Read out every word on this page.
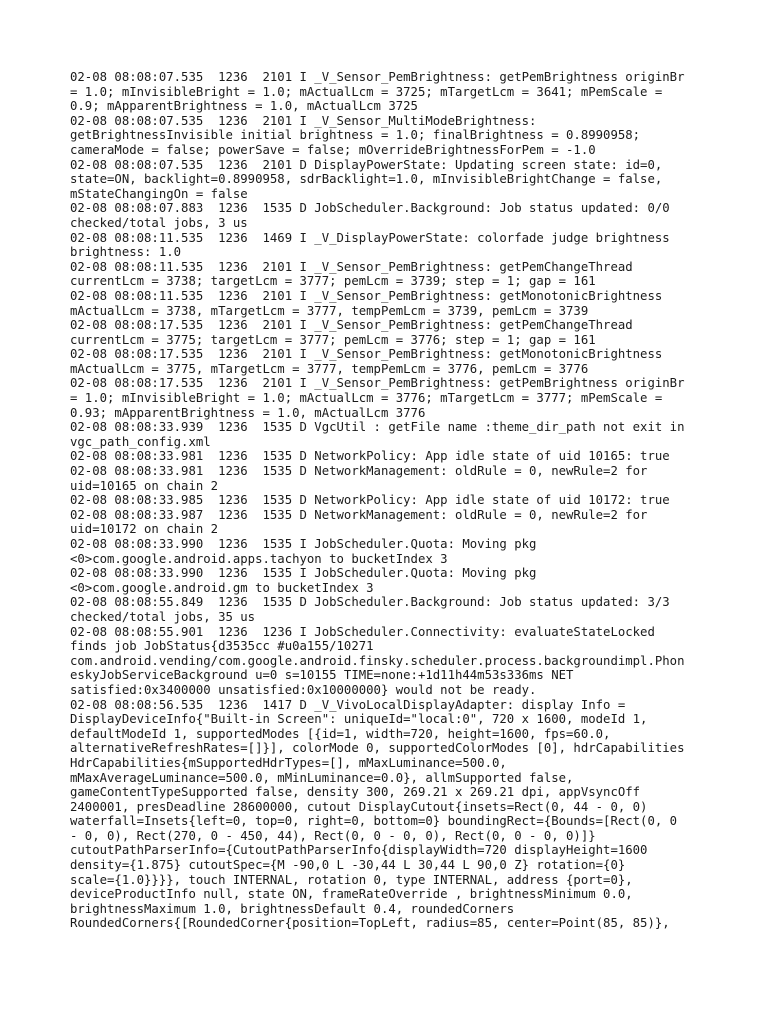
02-08 08:08:07.535  1236  2101 I _V_Sensor_PemBrightness: getPemBrightness originBr
= 1.0; mInvisibleBright = 1.0; mActualLcm = 3725; mTargetLcm = 3641; mPemScale =
0.9; mApparentBrightness = 1.0, mActualLcm 3725
02-08 08:08:07.535  1236  2101 I _V_Sensor_MultiModeBrightness:
getBrightnessInvisible initial brightness = 1.0; finalBrightness = 0.8990958;
cameraMode = false; powerSave = false; mOverrideBrightnessForPem = -1.0
02-08 08:08:07.535  1236  2101 D DisplayPowerState: Updating screen state: id=0,
state=ON, backlight=0.8990958, sdrBacklight=1.0, mInvisibleBrightChange = false,
mStateChangingOn = false
02-08 08:08:07.883  1236  1535 D JobScheduler.Background: Job status updated: 0/0
checked/total jobs, 3 us
02-08 08:08:11.535  1236  1469 I _V_DisplayPowerState: colorfade judge brightness
brightness: 1.0
02-08 08:08:11.535  1236  2101 I _V_Sensor_PemBrightness: getPemChangeThread
currentLcm = 3738; targetLcm = 3777; pemLcm = 3739; step = 1; gap = 161
02-08 08:08:11.535  1236  2101 I _V_Sensor_PemBrightness: getMonotonicBrightness
mActualLcm = 3738, mTargetLcm = 3777, tempPemLcm = 3739, pemLcm = 3739
02-08 08:08:17.535  1236  2101 I _V_Sensor_PemBrightness: getPemChangeThread
currentLcm = 3775; targetLcm = 3777; pemLcm = 3776; step = 1; gap = 161
02-08 08:08:17.535  1236  2101 I _V_Sensor_PemBrightness: getMonotonicBrightness
mActualLcm = 3775, mTargetLcm = 3777, tempPemLcm = 3776, pemLcm = 3776
02-08 08:08:17.535  1236  2101 I _V_Sensor_PemBrightness: getPemBrightness originBr
= 1.0; mInvisibleBright = 1.0; mActualLcm = 3776; mTargetLcm = 3777; mPemScale =
0.93; mApparentBrightness = 1.0, mActualLcm 3776
02-08 08:08:33.939  1236  1535 D VgcUtil : getFile name :theme_dir_path not exit in
vgc_path_config.xml
02-08 08:08:33.981  1236  1535 D NetworkPolicy: App idle state of uid 10165: true
02-08 08:08:33.981  1236  1535 D NetworkManagement: oldRule = 0, newRule=2 for
uid=10165 on chain 2
02-08 08:08:33.985  1236  1535 D NetworkPolicy: App idle state of uid 10172: true
02-08 08:08:33.987  1236  1535 D NetworkManagement: oldRule = 0, newRule=2 for
uid=10172 on chain 2
02-08 08:08:33.990  1236  1535 I JobScheduler.Quota: Moving pkg
<0>com.google.android.apps.tachyon to bucketIndex 3
02-08 08:08:33.990  1236  1535 I JobScheduler.Quota: Moving pkg
<0>com.google.android.gm to bucketIndex 3
02-08 08:08:55.849  1236  1535 D JobScheduler.Background: Job status updated: 3/3
checked/total jobs, 35 us
02-08 08:08:55.901  1236  1236 I JobScheduler.Connectivity: evaluateStateLocked
finds job JobStatus{d3535cc #u0a155/10271
com.android.vending/com.google.android.finsky.scheduler.process.backgroundimpl.Phon
eskyJobServiceBackground u=0 s=10155 TIME=none:+1d11h44m53s336ms NET
satisfied:0x3400000 unsatisfied:0x10000000} would not be ready.
02-08 08:08:56.535  1236  1417 D _V_VivoLocalDisplayAdapter: display Info =
DisplayDeviceInfo{"Built-in Screen": uniqueId="local:0", 720 x 1600, modeId 1,
defaultModeId 1, supportedModes [{id=1, width=720, height=1600, fps=60.0,
alternativeRefreshRates=[]}], colorMode 0, supportedColorModes [0], hdrCapabilities
HdrCapabilities{mSupportedHdrTypes=[], mMaxLuminance=500.0,
mMaxAverageLuminance=500.0, mMinLuminance=0.0}, allmSupported false,
gameContentTypeSupported false, density 300, 269.21 x 269.21 dpi, appVsyncOff
2400001, presDeadline 28600000, cutout DisplayCutout{insets=Rect(0, 44 - 0, 0)
waterfall=Insets{left=0, top=0, right=0, bottom=0} boundingRect={Bounds=[Rect(0, 0
- 0, 0), Rect(270, 0 - 450, 44), Rect(0, 0 - 0, 0), Rect(0, 0 - 0, 0)]}
cutoutPathParserInfo={CutoutPathParserInfo{displayWidth=720 displayHeight=1600
density={1.875} cutoutSpec={M -90,0 L -30,44 L 30,44 L 90,0 Z} rotation={0}
scale={1.0}}}}, touch INTERNAL, rotation 0, type INTERNAL, address {port=0},
deviceProductInfo null, state ON, frameRateOverride , brightnessMinimum 0.0,
brightnessMaximum 1.0, brightnessDefault 0.4, roundedCorners
RoundedCorners{[RoundedCorner{position=TopLeft, radius=85, center=Point(85, 85)},
